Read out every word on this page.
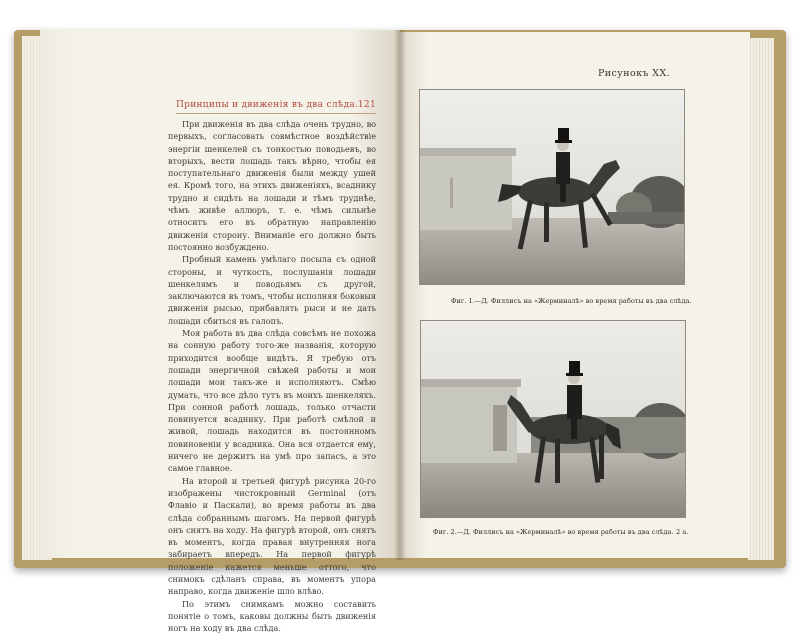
Принципы и движенія въ два слѣда. 121

При движенія въ два слѣда очень трудно, во первыхъ, согласовать совмѣстное воздѣйствіе энергіи шенкелей съ тонкостью поводьевъ, во вторыхъ, вести лошадь такъ вѣрно, чтобы ея поступательнаго движенія были между ушей ея. Кромѣ того, на этихъ движеніяхъ, всаднику трудно и сидѣть на лошади и тѣмъ труднѣе, чѣмъ живѣе аллюръ, т. е. чѣмъ сильнѣе относитъ его въ обратную направленію движенія сторону. Вниманіе его должно быть постоянно возбуждено.

Пробный камень умѣлаго посыла съ одной стороны, и чуткость, послушанія лошади шенкелямъ и поводьямъ съ другой, заключаются въ томъ, чтобы исполняя боковыя движенія рысью, прибавлять рыси и не дать лошади сбиться въ галопъ.

Моя работа въ два слѣда совсѣмъ не похожа на сонную работу того-же названія, которую приходится вообще видѣть. Я требую отъ лошади энергичной свѣжей работы и мои лошади мои такъ-же и исполняютъ. Смѣю думать, что все дѣло тутъ въ моихъ шенкеляхъ. При сонной работѣ лошадь, только отчасти повинуется всаднику. При работѣ смѣлой и живой, лошадь находится въ постоянномъ повиновеніи у всадника. Она вся отдается ему, ничего не держитъ на умѣ про запасъ, а это самое главное.

На второй и третьей фигурѣ рисунка 20-го изображены чистокровный Germinal (отъ Флавіо и Паскали), во время работы въ два слѣда собраннымъ шагомъ. На первой фигурѣ онъ снятъ на ходу. На фигурѣ второй, онъ снятъ въ моментъ, когда правая внутренняя нога забираетъ впередъ. На первой фигурѣ положеніе кажется меньше оттого, что снимокъ сдѣланъ справа, въ моментъ упора направо, когда движеніе шло влѣво.

По этимъ снимкамъ можно составить понятіе о томъ, каковы должны быть движенія ногъ на ходу въ два слѣда.

Рисунокъ XX.
Фиг. 1.—Д. Филлисъ на «Жерминалѣ» во время работы въ два слѣда.
Фиг. 2.—Д. Филлисъ на «Жерминалѣ» во время работы въ два слѣда. 2 а.
